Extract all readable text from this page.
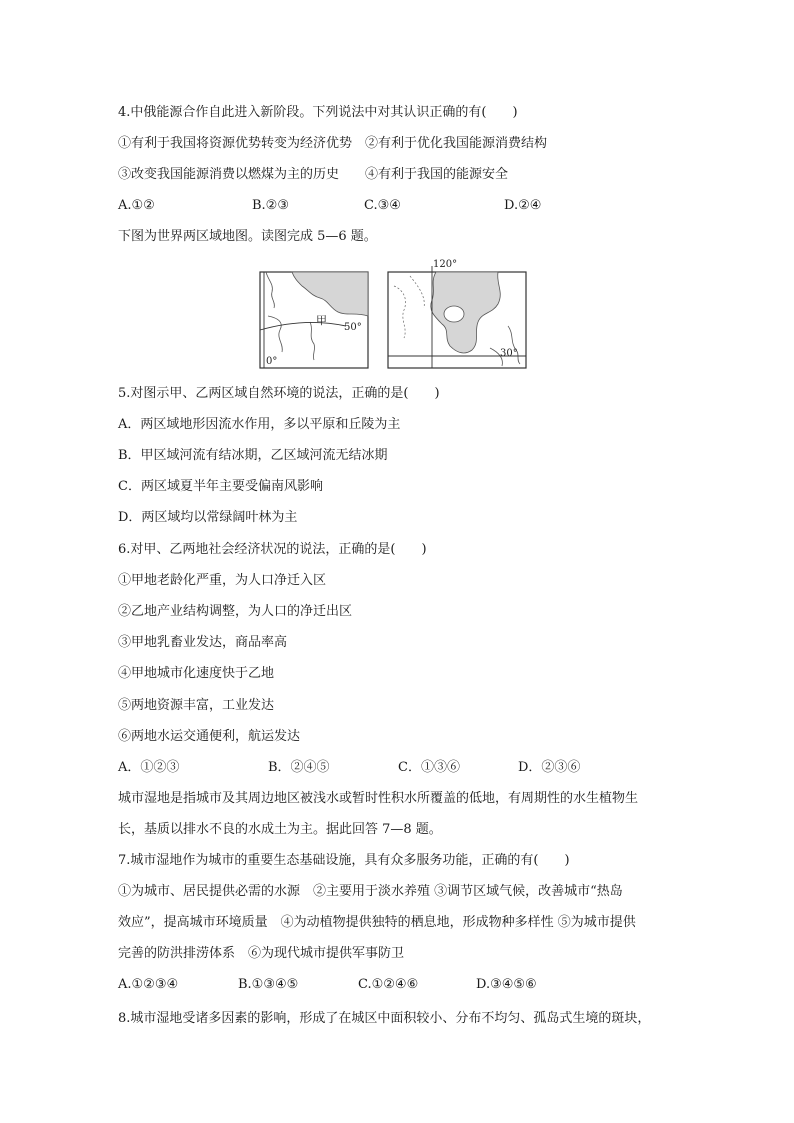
4.中俄能源合作自此进入新阶段。下列说法中对其认识正确的有(　　)
①有利于我国将资源优势转变为经济优势　②有利于优化我国能源消费结构
③改变我国能源消费以燃煤为主的历史　　④有利于我国的能源安全
A.①②	B.②③	C.③④	D.②④
下图为世界两区域地图。读图完成 5—6 题。
甲
50°
0°
120°
30°
5.对图示甲、乙两区域自然环境的说法，正确的是(　　)
A．两区域地形因流水作用，多以平原和丘陵为主
B．甲区域河流有结冰期，乙区域河流无结冰期
C．两区域夏半年主要受偏南风影响
D．两区域均以常绿阔叶林为主
6.对甲、乙两地社会经济状况的说法，正确的是(　　)
①甲地老龄化严重，为人口净迁入区
②乙地产业结构调整，为人口的净迁出区
③甲地乳畜业发达，商品率高
④甲地城市化速度快于乙地
⑤两地资源丰富，工业发达
⑥两地水运交通便利，航运发达
A．①②③	B．②④⑤	C．①③⑥	D．②③⑥
城市湿地是指城市及其周边地区被浅水或暂时性积水所覆盖的低地，有周期性的水生植物生
长，基质以排水不良的水成土为主。据此回答 7—8 题。
7.城市湿地作为城市的重要生态基础设施，具有众多服务功能，正确的有(　　)
①为城市、居民提供必需的水源　②主要用于淡水养殖 ③调节区域气候，改善城市“热岛
效应”，提高城市环境质量　④为动植物提供独特的栖息地，形成物种多样性 ⑤为城市提供
完善的防洪排涝体系　⑥为现代城市提供军事防卫
A.①②③④	B.①③④⑤	C.①②④⑥	D.③④⑤⑥
8.城市湿地受诸多因素的影响，形成了在城区中面积较小、分布不均匀、孤岛式生境的斑块，
